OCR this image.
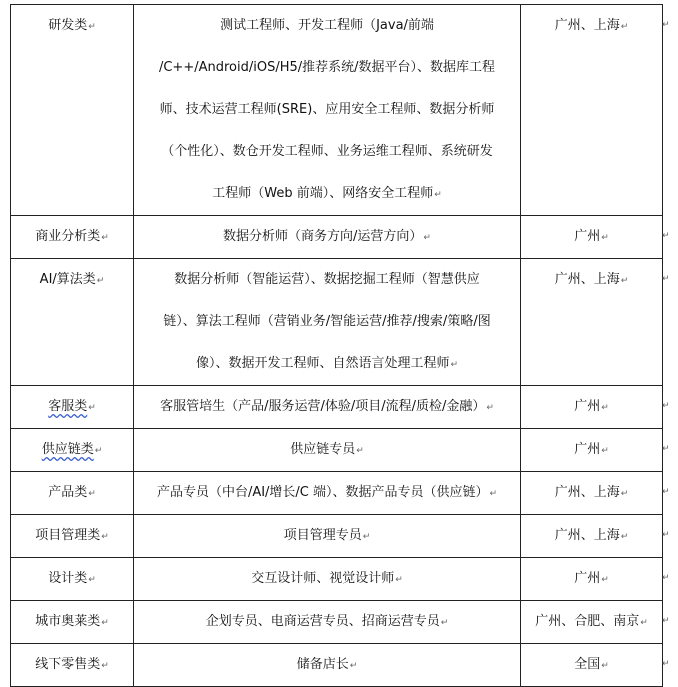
研发类↵	测试工程师、开发工程师（Java/前端
/C++/Android/iOS/H5/推荐系统/数据平台）、数据库工程
师、技术运营工程师(SRE)、应用安全工程师、数据分析师
（个性化）、数仓开发工程师、业务运维工程师、系统研发
工程师（Web 前端）、网络安全工程师↵	广州、上海↵

商业分析类↵	数据分析师（商务方向/运营方向）↵	广州↵

AI/算法类↵	数据分析师（智能运营）、数据挖掘工程师（智慧供应
链）、算法工程师（营销业务/智能运营/推荐/搜索/策略/图
像）、数据开发工程师、自然语言处理工程师↵	广州、上海↵

客服类↵	客服管培生（产品/服务运营/体验/项目/流程/质检/金融）↵	广州↵

供应链类↵	供应链专员↵	广州↵

产品类↵	产品专员（中台/AI/增长/C 端）、数据产品专员（供应链）↵	广州、上海↵

项目管理类↵	项目管理专员↵	广州、上海↵

设计类↵	交互设计师、视觉设计师↵	广州↵

城市奥莱类↵	企划专员、电商运营专员、招商运营专员↵	广州、合肥、南京↵

线下零售类↵	储备店长↵	全国↵
↵
↵
↵
↵
↵
↵
↵
↵
↵
↵
